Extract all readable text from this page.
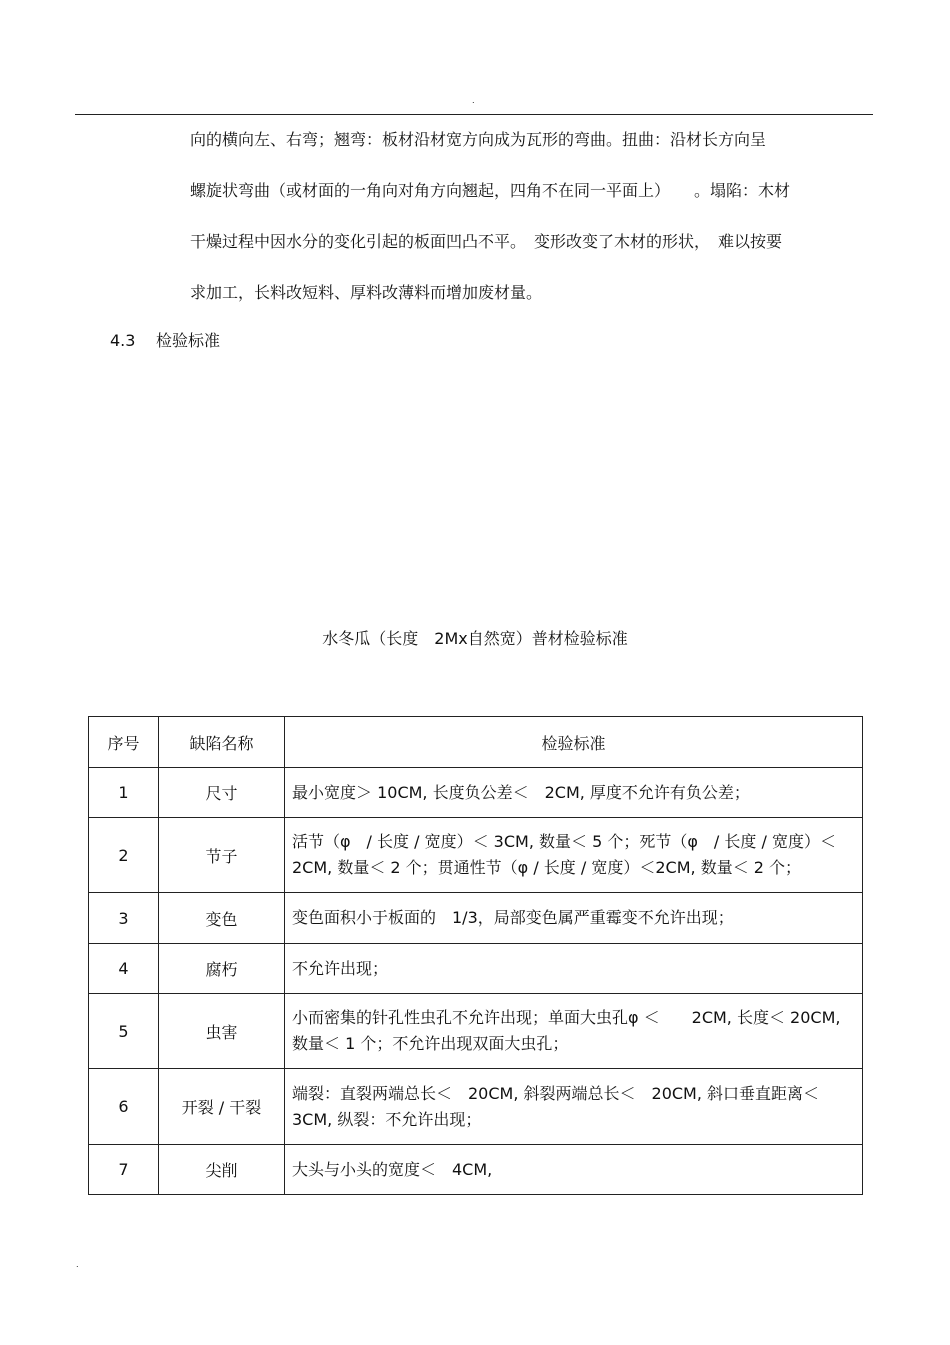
.
向的横向左、右弯；翘弯：板材沿材宽方向成为瓦形的弯曲。扭曲：沿材长方向呈
螺旋状弯曲（或材面的一角向对角方向翘起，四角不在同一平面上）　　。塌陷：木材
干燥过程中因水分的变化引起的板面凹凸不平。　变形改变了木材的形状，　难以按要
求加工，长料改短料、厚料改薄料而增加废材量。
4.3 检验标准
水冬瓜（长度　2Mx自然宽）普材检验标准
序号	缺陷名称	检验标准
1	尺寸	最小宽度＞ 10CM, 长度负公差＜　2CM, 厚度不允许有负公差；
2	节子	活节（φ　/ 长度 / 宽度）＜ 3CM, 数量＜ 5 个；死节（φ　/ 长度 / 宽度）＜2CM, 数量＜ 2 个；贯通性节（φ / 长度 / 宽度）＜2CM, 数量＜ 2 个；
3	变色	变色面积小于板面的　1/3，局部变色属严重霉变不允许出现；
4	腐朽	不允许出现；
5	虫害	小而密集的针孔性虫孔不允许出现；单面大虫孔φ ＜　　2CM, 长度＜ 20CM, 数量＜ 1 个；不允许出现双面大虫孔；
6	开裂 / 干裂	端裂：直裂两端总长＜　20CM, 斜裂两端总长＜　20CM, 斜口垂直距离＜3CM, 纵裂：不允许出现；
7	尖削	大头与小头的宽度＜　4CM,
.
